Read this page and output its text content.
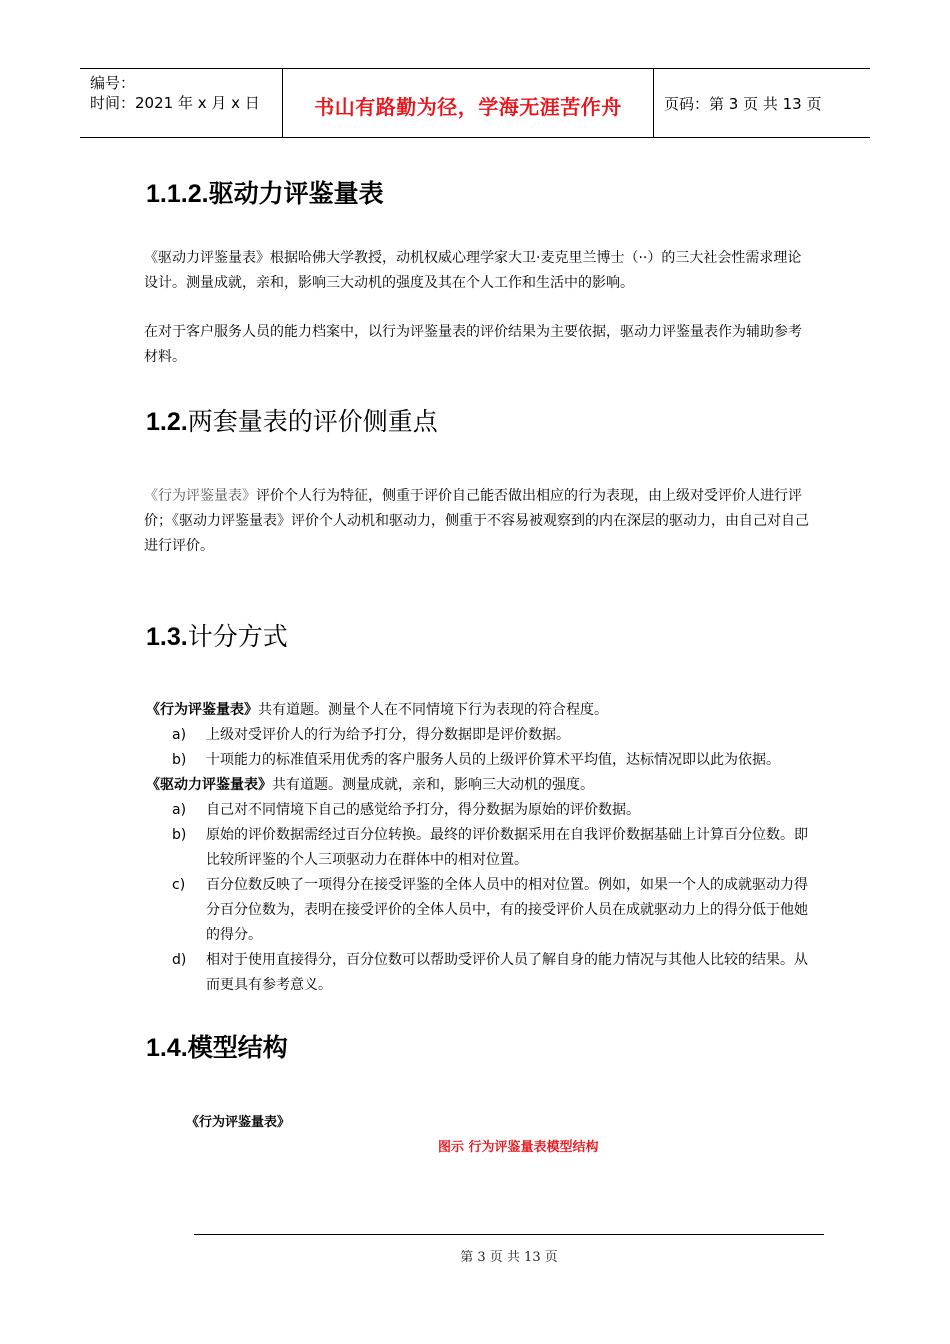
编号：
时间：2021 年 x 月 x 日	书山有路勤为径，学海无涯苦作舟	页码：第 3 页 共 13 页
1.1.2.驱动力评鉴量表
《驱动力评鉴量表》根据哈佛大学教授，动机权威心理学家大卫·麦克里兰博士（··）的三大社会性需求理论设计。测量成就，亲和，影响三大动机的强度及其在个人工作和生活中的影响。
在对于客户服务人员的能力档案中，以行为评鉴量表的评价结果为主要依据，驱动力评鉴量表作为辅助参考材料。
1.2.两套量表的评价侧重点
《行为评鉴量表》评价个人行为特征，侧重于评价自己能否做出相应的行为表现，由上级对受评价人进行评价；《驱动力评鉴量表》评价个人动机和驱动力，侧重于不容易被观察到的内在深层的驱动力，由自己对自己进行评价。
1.3.计分方式
《行为评鉴量表》共有道题。测量个人在不同情境下行为表现的符合程度。
a)	上级对受评价人的行为给予打分，得分数据即是评价数据。
b)	十项能力的标准值采用优秀的客户服务人员的上级评价算术平均值，达标情况即以此为依据。
《驱动力评鉴量表》共有道题。测量成就，亲和，影响三大动机的强度。
a)	自己对不同情境下自己的感觉给予打分，得分数据为原始的评价数据。
b)	原始的评价数据需经过百分位转换。最终的评价数据采用在自我评价数据基础上计算百分位数。即比较所评鉴的个人三项驱动力在群体中的相对位置。
c)	百分位数反映了一项得分在接受评鉴的全体人员中的相对位置。例如，如果一个人的成就驱动力得分百分位数为，表明在接受评价的全体人员中，有的接受评价人员在成就驱动力上的得分低于他她的得分。
d)	相对于使用直接得分，百分位数可以帮助受评价人员了解自身的能力情况与其他人比较的结果。从而更具有参考意义。
1.4.模型结构
《行为评鉴量表》
图示 行为评鉴量表模型结构
第 3 页 共 13 页
